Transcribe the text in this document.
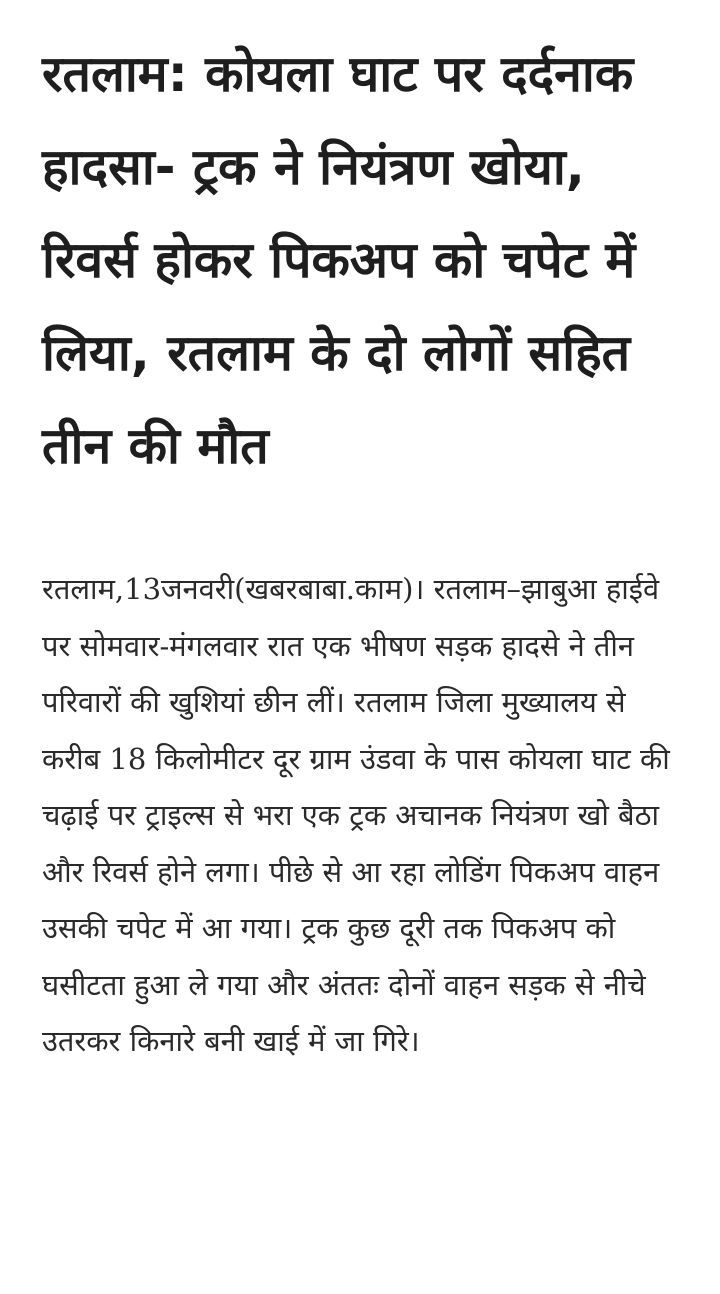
रतलाम: कोयला घाट पर दर्दनाक हादसा- ट्रक ने नियंत्रण खोया, रिवर्स होकर पिकअप को चपेट में लिया, रतलाम के दो लोगों सहित तीन की मौत

रतलाम,13जनवरी(खबरबाबा.काम)। रतलाम–झाबुआ हाईवे पर सोमवार-मंगलवार रात एक भीषण सड़क हादसे ने तीन परिवारों की खुशियां छीन लीं। रतलाम जिला मुख्यालय से करीब 18 किलोमीटर दूर ग्राम उंडवा के पास कोयला घाट की चढ़ाई पर ट्राइल्स से भरा एक ट्रक अचानक नियंत्रण खो बैठा और रिवर्स होने लगा। पीछे से आ रहा लोडिंग पिकअप वाहन उसकी चपेट में आ गया। ट्रक कुछ दूरी तक पिकअप को घसीटता हुआ ले गया और अंततः दोनों वाहन सड़क से नीचे उतरकर किनारे बनी खाई में जा गिरे।
